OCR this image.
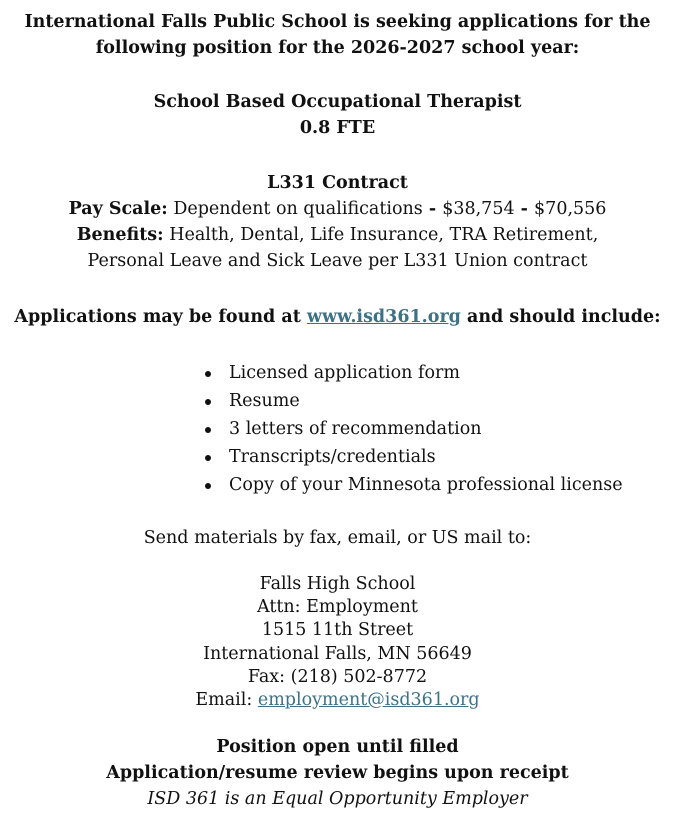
International Falls Public School is seeking applications for the
following position for the 2026-2027 school year:
School Based Occupational Therapist
0.8 FTE
L331 Contract
Pay Scale: Dependent on qualifications - $38,754 - $70,556
Benefits: Health, Dental, Life Insurance, TRA Retirement,
Personal Leave and Sick Leave per L331 Union contract
Applications may be found at www.isd361.org and should include:
Licensed application form
Resume
3 letters of recommendation
Transcripts/credentials
Copy of your Minnesota professional license
Send materials by fax, email, or US mail to:
Falls High School
Attn: Employment
1515 11th Street
International Falls, MN 56649
Fax: (218) 502-8772
Email: employment@isd361.org
Position open until filled
Application/resume review begins upon receipt
ISD 361 is an Equal Opportunity Employer
